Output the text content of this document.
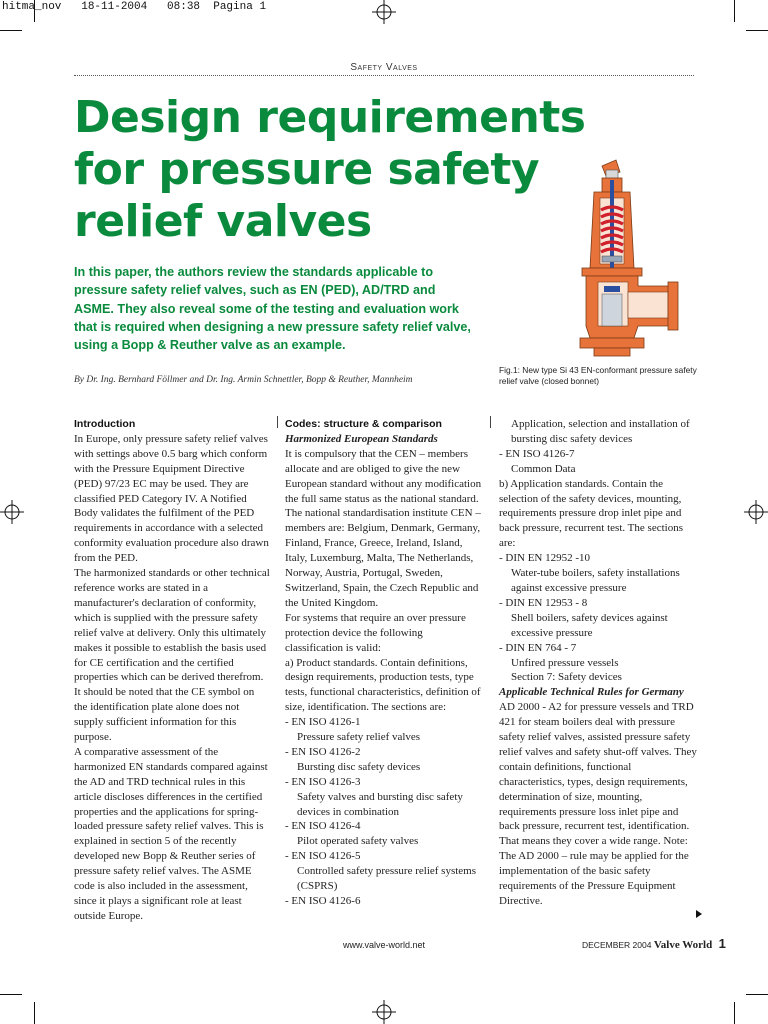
hitma_nov   18-11-2004   08:38  Pagina 1
Safety Valves
Design requirements for pressure safety relief valves
In this paper, the authors review the standards applicable to pressure safety relief valves, such as EN (PED), AD/TRD and ASME. They also reveal some of the testing and evaluation work that is required when designing a new pressure safety relief valve, using a Bopp & Reuther valve as an example.
By Dr. Ing. Bernhard Föllmer and Dr. Ing. Armin Schnettler, Bopp & Reuther, Mannheim
Fig.1: New type Si 43 EN-conformant pressure safety relief valve (closed bonnet)

Introduction

In Europe, only pressure safety relief valves with settings above 0.5 barg which conform with the Pressure Equipment Directive (PED) 97/23 EC may be used. They are classified PED Category IV. A Notified Body validates the fulfilment of the PED requirements in accordance with a selected conformity evaluation procedure also drawn from the PED.

The harmonized standards or other technical reference works are stated in a manufacturer's declaration of conformity, which is supplied with the pressure safety relief valve at delivery. Only this ultimately makes it possible to establish the basis used for CE certification and the certified properties which can be derived therefrom. It should be noted that the CE symbol on the identification plate alone does not supply sufficient information for this purpose.

A comparative assessment of the harmonized EN standards compared against the AD and TRD technical rules in this article discloses differences in the certified properties and the applications for spring-loaded pressure safety relief valves. This is explained in section 5 of the recently developed new Bopp & Reuther series of pressure safety relief valves. The ASME code is also included in the assessment, since it plays a significant role at least outside Europe.

Codes: structure & comparison

Harmonized European Standards

It is compulsory that the CEN – members allocate and are obliged to give the new European standard without any modification the full same status as the national standard. The national standardisation institute CEN – members are: Belgium, Denmark, Germany, Finland, France, Greece, Ireland, Island, Italy, Luxemburg, Malta, The Netherlands, Norway, Austria, Portugal, Sweden, Switzerland, Spain, the Czech Republic and the United Kingdom.

For systems that require an over pressure protection device the following classification is valid:

a) Product standards. Contain definitions, design requirements, production tests, type tests, functional characteristics, definition of size, identification. The sections are:

- EN ISO 4126-1

Pressure safety relief valves

- EN ISO 4126-2

Bursting disc safety devices

- EN ISO 4126-3

Safety valves and bursting disc safety devices in combination

- EN ISO 4126-4

Pilot operated safety valves

- EN ISO 4126-5

Controlled safety pressure relief systems (CSPRS)

- EN ISO 4126-6

Application, selection and installation of bursting disc safety devices

- EN ISO 4126-7

Common Data

b) Application standards. Contain the selection of the safety devices, mounting, requirements pressure drop inlet pipe and back pressure, recurrent test. The sections are:

- DIN EN 12952 -10

Water-tube boilers, safety installations against excessive pressure

- DIN EN 12953 - 8

Shell boilers, safety devices against excessive pressure

- DIN EN 764 - 7

Unfired pressure vessels

Section 7: Safety devices

Applicable Technical Rules for Germany

AD 2000 - A2 for pressure vessels and TRD 421 for steam boilers deal with pressure safety relief valves, assisted pressure safety relief valves and safety shut-off valves. They contain definitions, functional characteristics, types, design requirements, determination of size, mounting, requirements pressure loss inlet pipe and back pressure, recurrent test, identification. That means they cover a wide range. Note: The AD 2000 – rule may be applied for the implementation of the basic safety requirements of the Pressure Equipment Directive.

www.valve-world.net	DECEMBER 2004 Valve World 1
